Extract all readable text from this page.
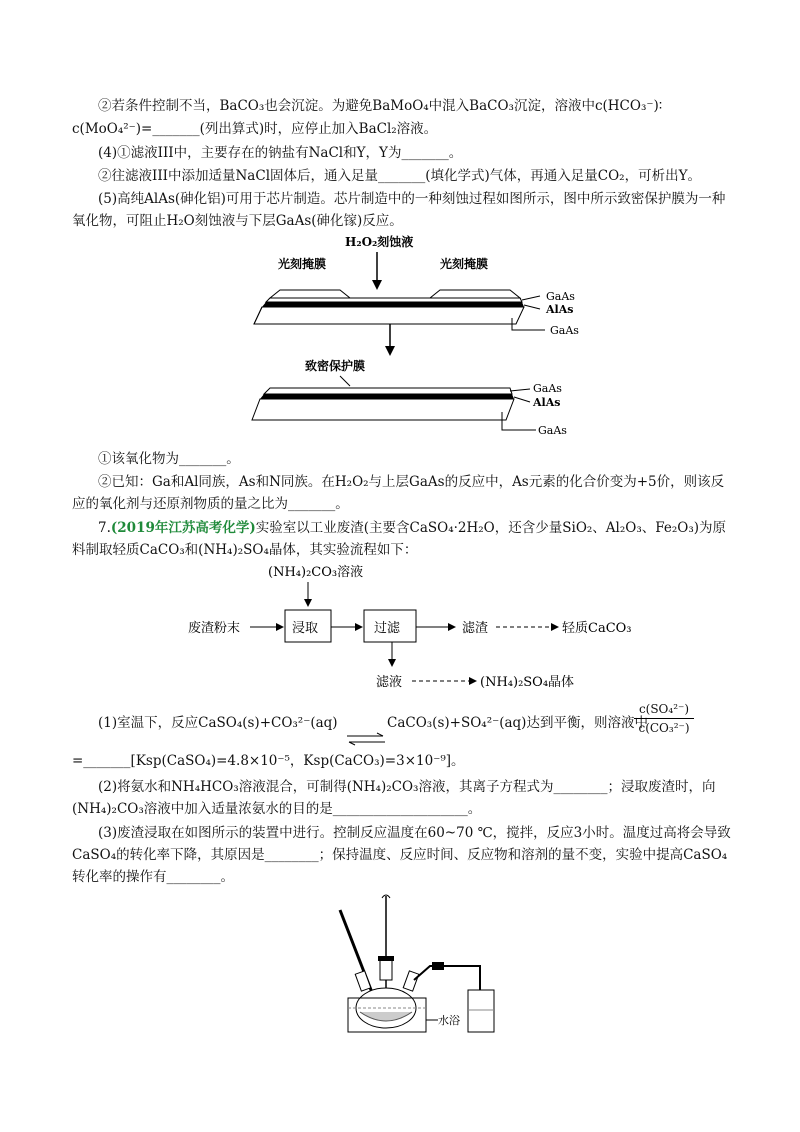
②若条件控制不当，BaCO₃也会沉淀。为避免BaMoO₄中混入BaCO₃沉淀，溶液中c(HCO₃⁻)∶

c(MoO₄²⁻)=_______(列出算式)时，应停止加入BaCl₂溶液。

(4)①滤液III中，主要存在的钠盐有NaCl和Y，Y为_______。

②往滤液III中添加适量NaCl固体后，通入足量_______(填化学式)气体，再通入足量CO₂，可析出Y。

(5)高纯AlAs(砷化铝)可用于芯片制造。芯片制造中的一种刻蚀过程如图所示，图中所示致密保护膜为一种氧化物，可阻止H₂O刻蚀液与下层GaAs(砷化镓)反应。

H₂O₂刻蚀液
光刻掩膜	光刻掩膜
GaAs
AlAs
GaAs
致密保护膜
GaAs
AlAs
GaAs

①该氧化物为_______。

②已知：Ga和Al同族，As和N同族。在H₂O₂与上层GaAs的反应中，As元素的化合价变为+5价，则该反应的氧化剂与还原剂物质的量之比为_______。

7.(2019年江苏高考化学)实验室以工业废渣(主要含CaSO₄·2H₂O，还含少量SiO₂、Al₂O₃、Fe₂O₃)为原料制取轻质CaCO₃和(NH₄)₂SO₄晶体，其实验流程如下：

(NH₄)₂CO₃溶液
废渣粉末	浸取	过滤	滤渣	轻质CaCO₃
滤液	(NH₄)₂SO₄晶体

(1)室温下，反应CaSO₄(s)+CO₃²⁻(aq)	CaCO₃(s)+SO₄²⁻(aq)达到平衡，则溶液中

$\frac{\text{c(SO₄²⁻)}}{\text{c(CO₃²⁻)}}$

=_______[Ksp(CaSO₄)=4.8×10⁻⁵，Ksp(CaCO₃)=3×10⁻⁹]。

(2)将氨水和NH₄HCO₃溶液混合，可制得(NH₄)₂CO₃溶液，其离子方程式为________；浸取废渣时，向(NH₄)₂CO₃溶液中加入适量浓氨水的目的是____________________。

(3)废渣浸取在如图所示的装置中进行。控制反应温度在60~70 ℃，搅拌，反应3小时。温度过高将会导致CaSO₄的转化率下降，其原因是________；保持温度、反应时间、反应物和溶剂的量不变，实验中提高CaSO₄转化率的操作有________。

水浴
